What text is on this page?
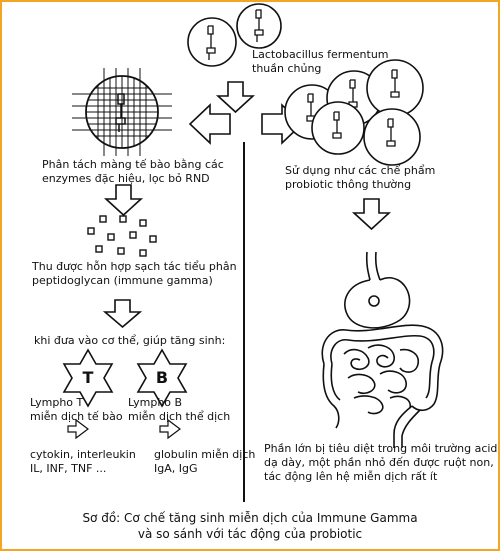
Lactobacillus fermentum
thuần chủng
Phân tách màng tế bào bằng các
enzymes đặc hiệu, lọc bỏ RND
Sử dụng như các chế phẩm
probiotic thông thường
Thu được hỗn hợp sạch tác tiểu phân
peptidoglycan (immune gamma)
khi đưa vào cơ thể, giúp tăng sinh:
T	B
Lympho T
miễn dịch tế bào
Lympho B
miễn dịch thể dịch
cytokin, interleukin
IL, INF, TNF ...
globulin miễn dịch
IgA, IgG
Phần lớn bị tiêu diệt trong môi trường acid
dạ dày, một phần nhỏ đến được ruột non,
tác động lên hệ miễn dịch rất ít
Sơ đồ: Cơ chế tăng sinh miễn dịch của Immune Gamma
và so sánh với tác động của probiotic
